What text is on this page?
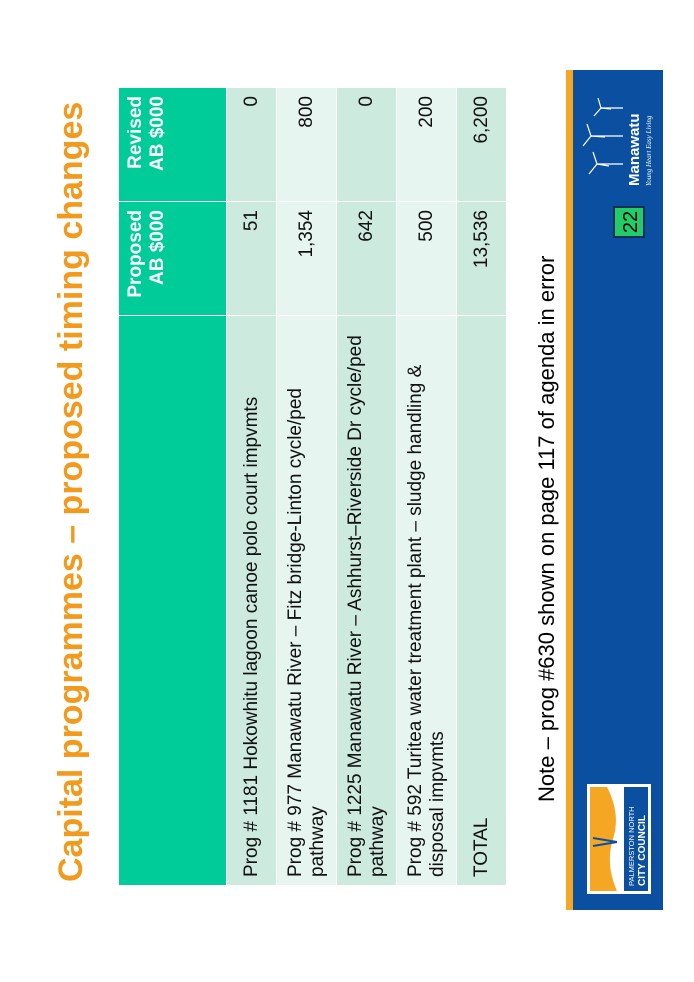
Capital programmes – proposed timing changes
	Proposed AB $000	Revised AB $000
Prog # 1181 Hokowhitu lagoon canoe polo court impvmts	51	0
Prog # 977 Manawatu River – Fitz bridge-Linton cycle/ped pathway	1,354	800
Prog # 1225 Manawatu River – Ashhurst–Riverside Dr cycle/ped pathway	642	0
Prog # 592 Turitea water treatment plant – sludge handling & disposal impvmts	500	200
TOTAL	13,536	6,200
Note – prog #630 shown on page 117 of agenda in error
PALMERSTON NORTH CITY COUNCIL
22
Manawatu Young Heart Easy Living
